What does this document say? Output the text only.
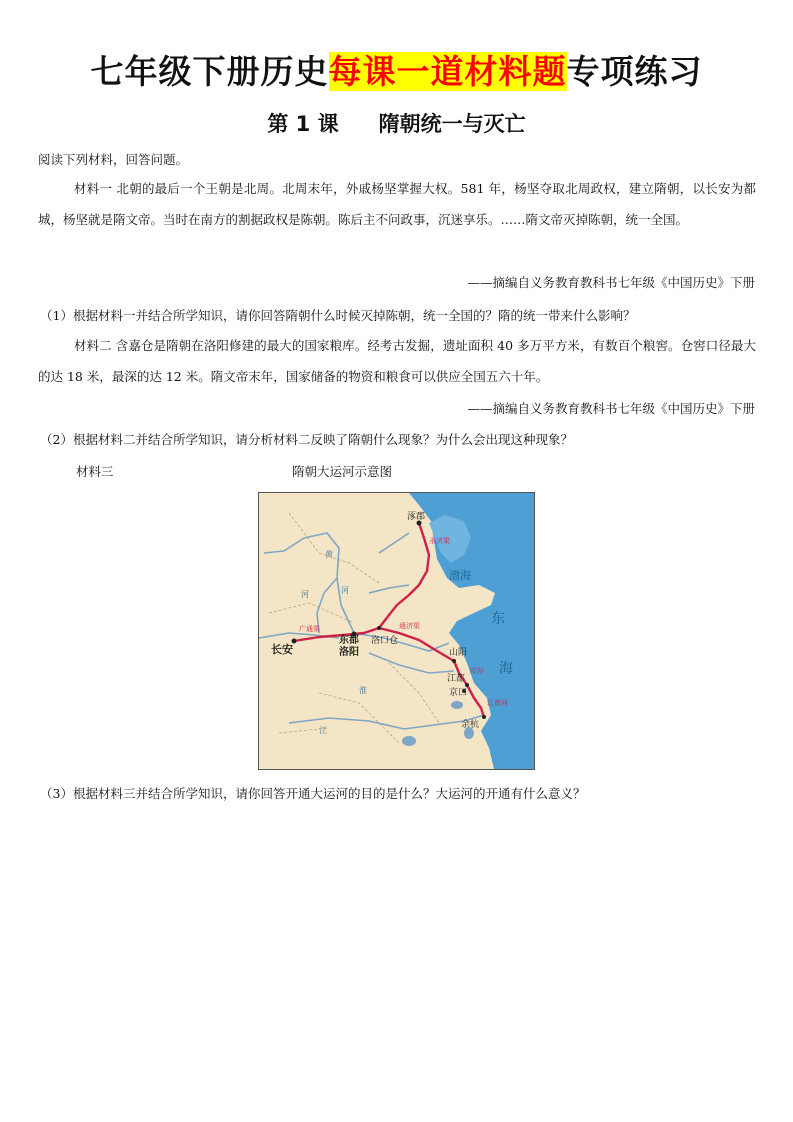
七年级下册历史每课一道材料题专项练习
第 1 课 隋朝统一与灭亡
阅读下列材料，回答问题。
材料一 北朝的最后一个王朝是北周。北周末年，外戚杨坚掌握大权。581 年，杨坚夺取北周政权，建立隋朝，以长安为都城，杨坚就是隋文帝。当时在南方的割据政权是陈朝。陈后主不问政事，沉迷享乐。……隋文帝灭掉陈朝，统一全国。
——摘编自义务教育教科书七年级《中国历史》下册
（1）根据材料一并结合所学知识，请你回答隋朝什么时候灭掉陈朝，统一全国的？隋的统一带来什么影响？
材料二 含嘉仓是隋朝在洛阳修建的最大的国家粮库。经考古发掘，遗址面积 40 多万平方米，有数百个粮窖。仓窖口径最大的达 18 米，最深的达 12 米。隋文帝末年，国家储备的物资和粮食可以供应全国五六十年。
——摘编自义务教育教科书七年级《中国历史》下册
（2）根据材料二并结合所学知识，请分析材料二反映了隋朝什么现象？为什么会出现这种现象？
材料三	隋朝大运河示意图
涿郡
长安
东都
洛阳
洛口仓
山阳
江都
京口
余杭
渤海
东
海
河
河
淮
江
黄
永济渠
通济渠
广通渠
邗沟
江南河
（3）根据材料三并结合所学知识，请你回答开通大运河的目的是什么？大运河的开通有什么意义？
